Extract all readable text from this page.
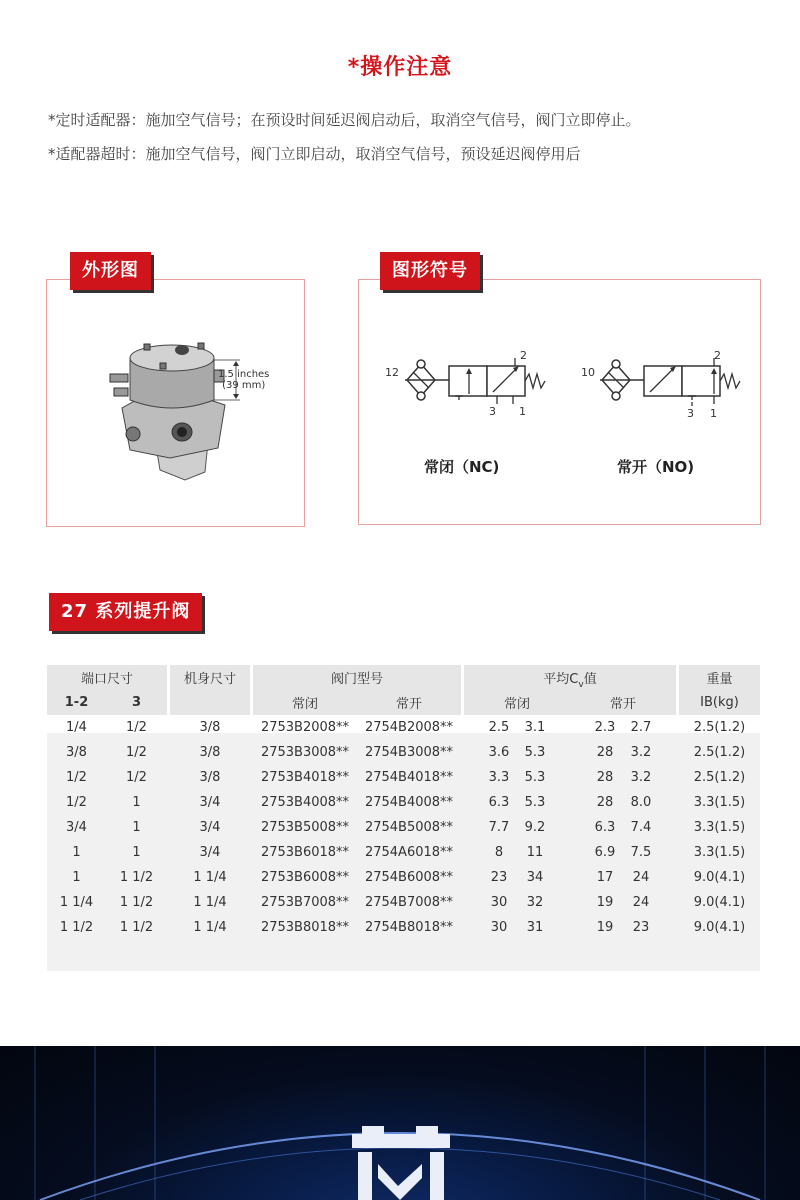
*操作注意
*定时适配器：施加空气信号；在预设时间延迟阀启动后，取消空气信号，阀门立即停止。
*适配器超时：施加空气信号，阀门立即启动，取消空气信号，预设延迟阀停用后
外形图
1.5 inches
(39 mm)
图形符号
12
2
3 1
常闭（NC)
10
2
3 1
常开（NO)
27 系列提升阀
端口尺寸			机身尺寸		阀门型号			平均$C_v$值			重量
1-2	3				常闭	常开		常闭	常开		IB(kg)
1/4	1/2		3/8		2753B2008**	2754B2008**		2.5 3.1	2.3 2.7		2.5(1.2)
3/8	1/2		3/8		2753B3008**	2754B3008**		3.6 5.3	28 3.2		2.5(1.2)
1/2	1/2		3/8		2753B4018**	2754B4018**		3.3 5.3	28 3.2		2.5(1.2)
1/2	1		3/4		2753B4008**	2754B4008**		6.3 5.3	28 8.0		3.3(1.5)
3/4	1		3/4		2753B5008**	2754B5008**		7.7 9.2	6.3 7.4		3.3(1.5)
1	1		3/4		2753B6018**	2754A6018**		8 11	6.9 7.5		3.3(1.5)
1	1 1/2		1 1/4		2753B6008**	2754B6008**		23 34	17 24		9.0(4.1)
1 1/4	1 1/2		1 1/4		2753B7008**	2754B7008**		30 32	19 24		9.0(4.1)
1 1/2	1 1/2		1 1/4		2753B8018**	2754B8018**		30 31	19 23		9.0(4.1)
